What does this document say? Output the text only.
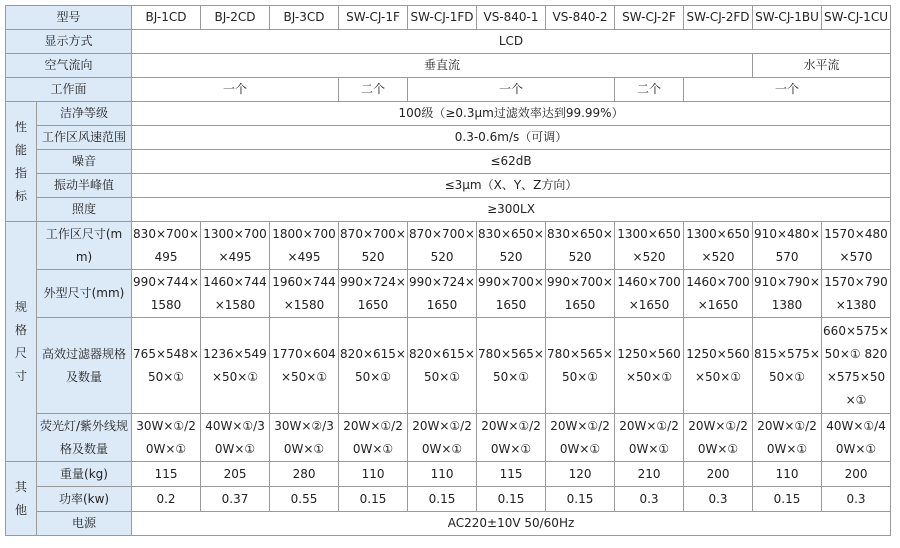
型号		BJ-1CD	BJ-2CD	BJ-3CD	SW-CJ-1F	SW-CJ-1FD	VS-840-1	VS-840-2	SW-CJ-2F	SW-CJ-2FD	SW-CJ-1BU	SW-CJ-1CU
显示方式		LCD										
空气流向		垂直流									水平流	
工作面		一个			二个	一个			二个	一个		

性能指标	洁净等级	100级（≥0.3μm过滤效率达到99.99%）										
	工作区风速范围	0.3-0.6m/s（可调）										
	噪音	≤62dB										
	振动半峰值	≤3μm（X、Y、Z方向）										
	照度	≥300LX										

规格尺寸	工作区尺寸(mm)	830×700×495	1300×700×495	1800×700×495	870×700×520	870×700×520	830×650×520	830×650×520	1300×650×520	1300×650×520	910×480×570	1570×480×570
	外型尺寸(mm)	990×744×1580	1460×744×1580	1960×744×1580	990×724×1650	990×724×1650	990×700×1650	990×700×1650	1460×700×1650	1460×700×1650	910×790×1380	1570×790×1380
	高效过滤器规格及数量	765×548×50×①	1236×549×50×①	1770×604×50×①	820×615×50×①	820×615×50×①	780×565×50×①	780×565×50×①	1250×560×50×①	1250×560×50×①	815×575×50×①	660×575×50×① 820×575×50×①
	荧光灯/紫外线规格及数量	30W×①/20W×①	40W×①/30W×①	30W×②/30W×①	20W×①/20W×①	20W×①/20W×①	20W×①/20W×①	20W×①/20W×①	20W×①/20W×①	20W×①/20W×①	20W×①/20W×①	40W×①/40W×①

其他	重量(kg)	115	205	280	110	110	115	120	210	200	110	200
	功率(kw)	0.2	0.37	0.55	0.15	0.15	0.15	0.15	0.3	0.3	0.15	0.3
	电源	AC220±10V 50/60Hz										
